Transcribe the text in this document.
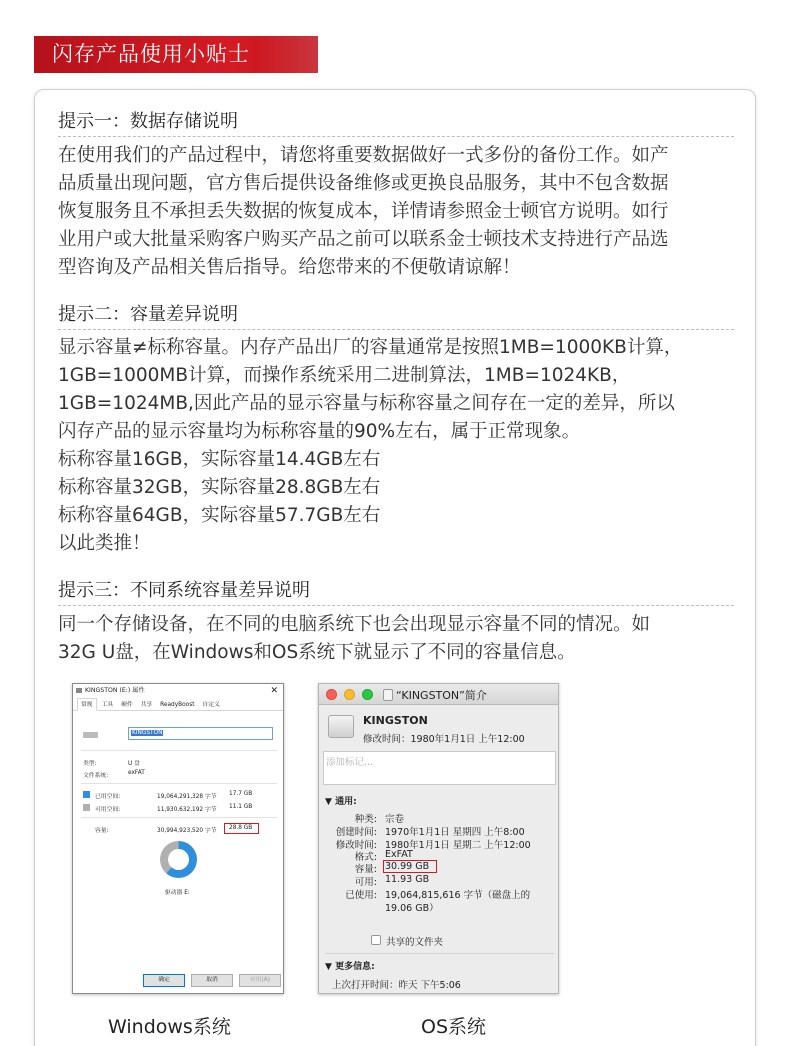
闪存产品使用小贴士
提示一：数据存储说明
在使用我们的产品过程中，请您将重要数据做好一式多份的备份工作。如产
品质量出现问题，官方售后提供设备维修或更换良品服务，其中不包含数据
恢复服务且不承担丢失数据的恢复成本，详情请参照金士顿官方说明。如行
业用户或大批量采购客户购买产品之前可以联系金士顿技术支持进行产品选
型咨询及产品相关售后指导。给您带来的不便敬请谅解！
提示二：容量差异说明
显示容量≠标称容量。内存产品出厂的容量通常是按照1MB=1000KB计算，
1GB=1000MB计算，而操作系统采用二进制算法，1MB=1024KB，
1GB=1024MB,因此产品的显示容量与标称容量之间存在一定的差异，所以
闪存产品的显示容量均为标称容量的90%左右，属于正常现象。
标称容量16GB，实际容量14.4GB左右
标称容量32GB，实际容量28.8GB左右
标称容量64GB，实际容量57.7GB左右
以此类推！
提示三：不同系统容量差异说明
同一个存储设备，在不同的电脑系统下也会出现显示容量不同的情况。如
32G U盘，在Windows和OS系统下就显示了不同的容量信息。
KINGSTON (E:) 属性	✕
常规 工具 硬件 共享 ReadyBoost 自定义
KINGSTON
类型:	U 盘
文件系统:	exFAT
已用空间:	19,064,291,328 字节 17.7 GB
可用空间:	11,930,632,192 字节 11.1 GB
容量:	30,994,923,520 字节 28.8 GB
驱动器 E:
确定	取消	应用(A)
“KINGSTON”简介
KINGSTON
修改时间：1980年1月1日 上午12:00
添加标记...
▼ 通用:
种类: 宗卷
创建时间: 1970年1月1日 星期四 上午8:00
修改时间: 1980年1月1日 星期二 上午12:00
格式: ExFAT
容量: 30.99 GB
可用: 11.93 GB
已使用: 19,064,815,616 字节（磁盘上的
19.06 GB）
共享的文件夹
▼ 更多信息:
上次打开时间：昨天 下午5:06
Windows系统	OS系统
